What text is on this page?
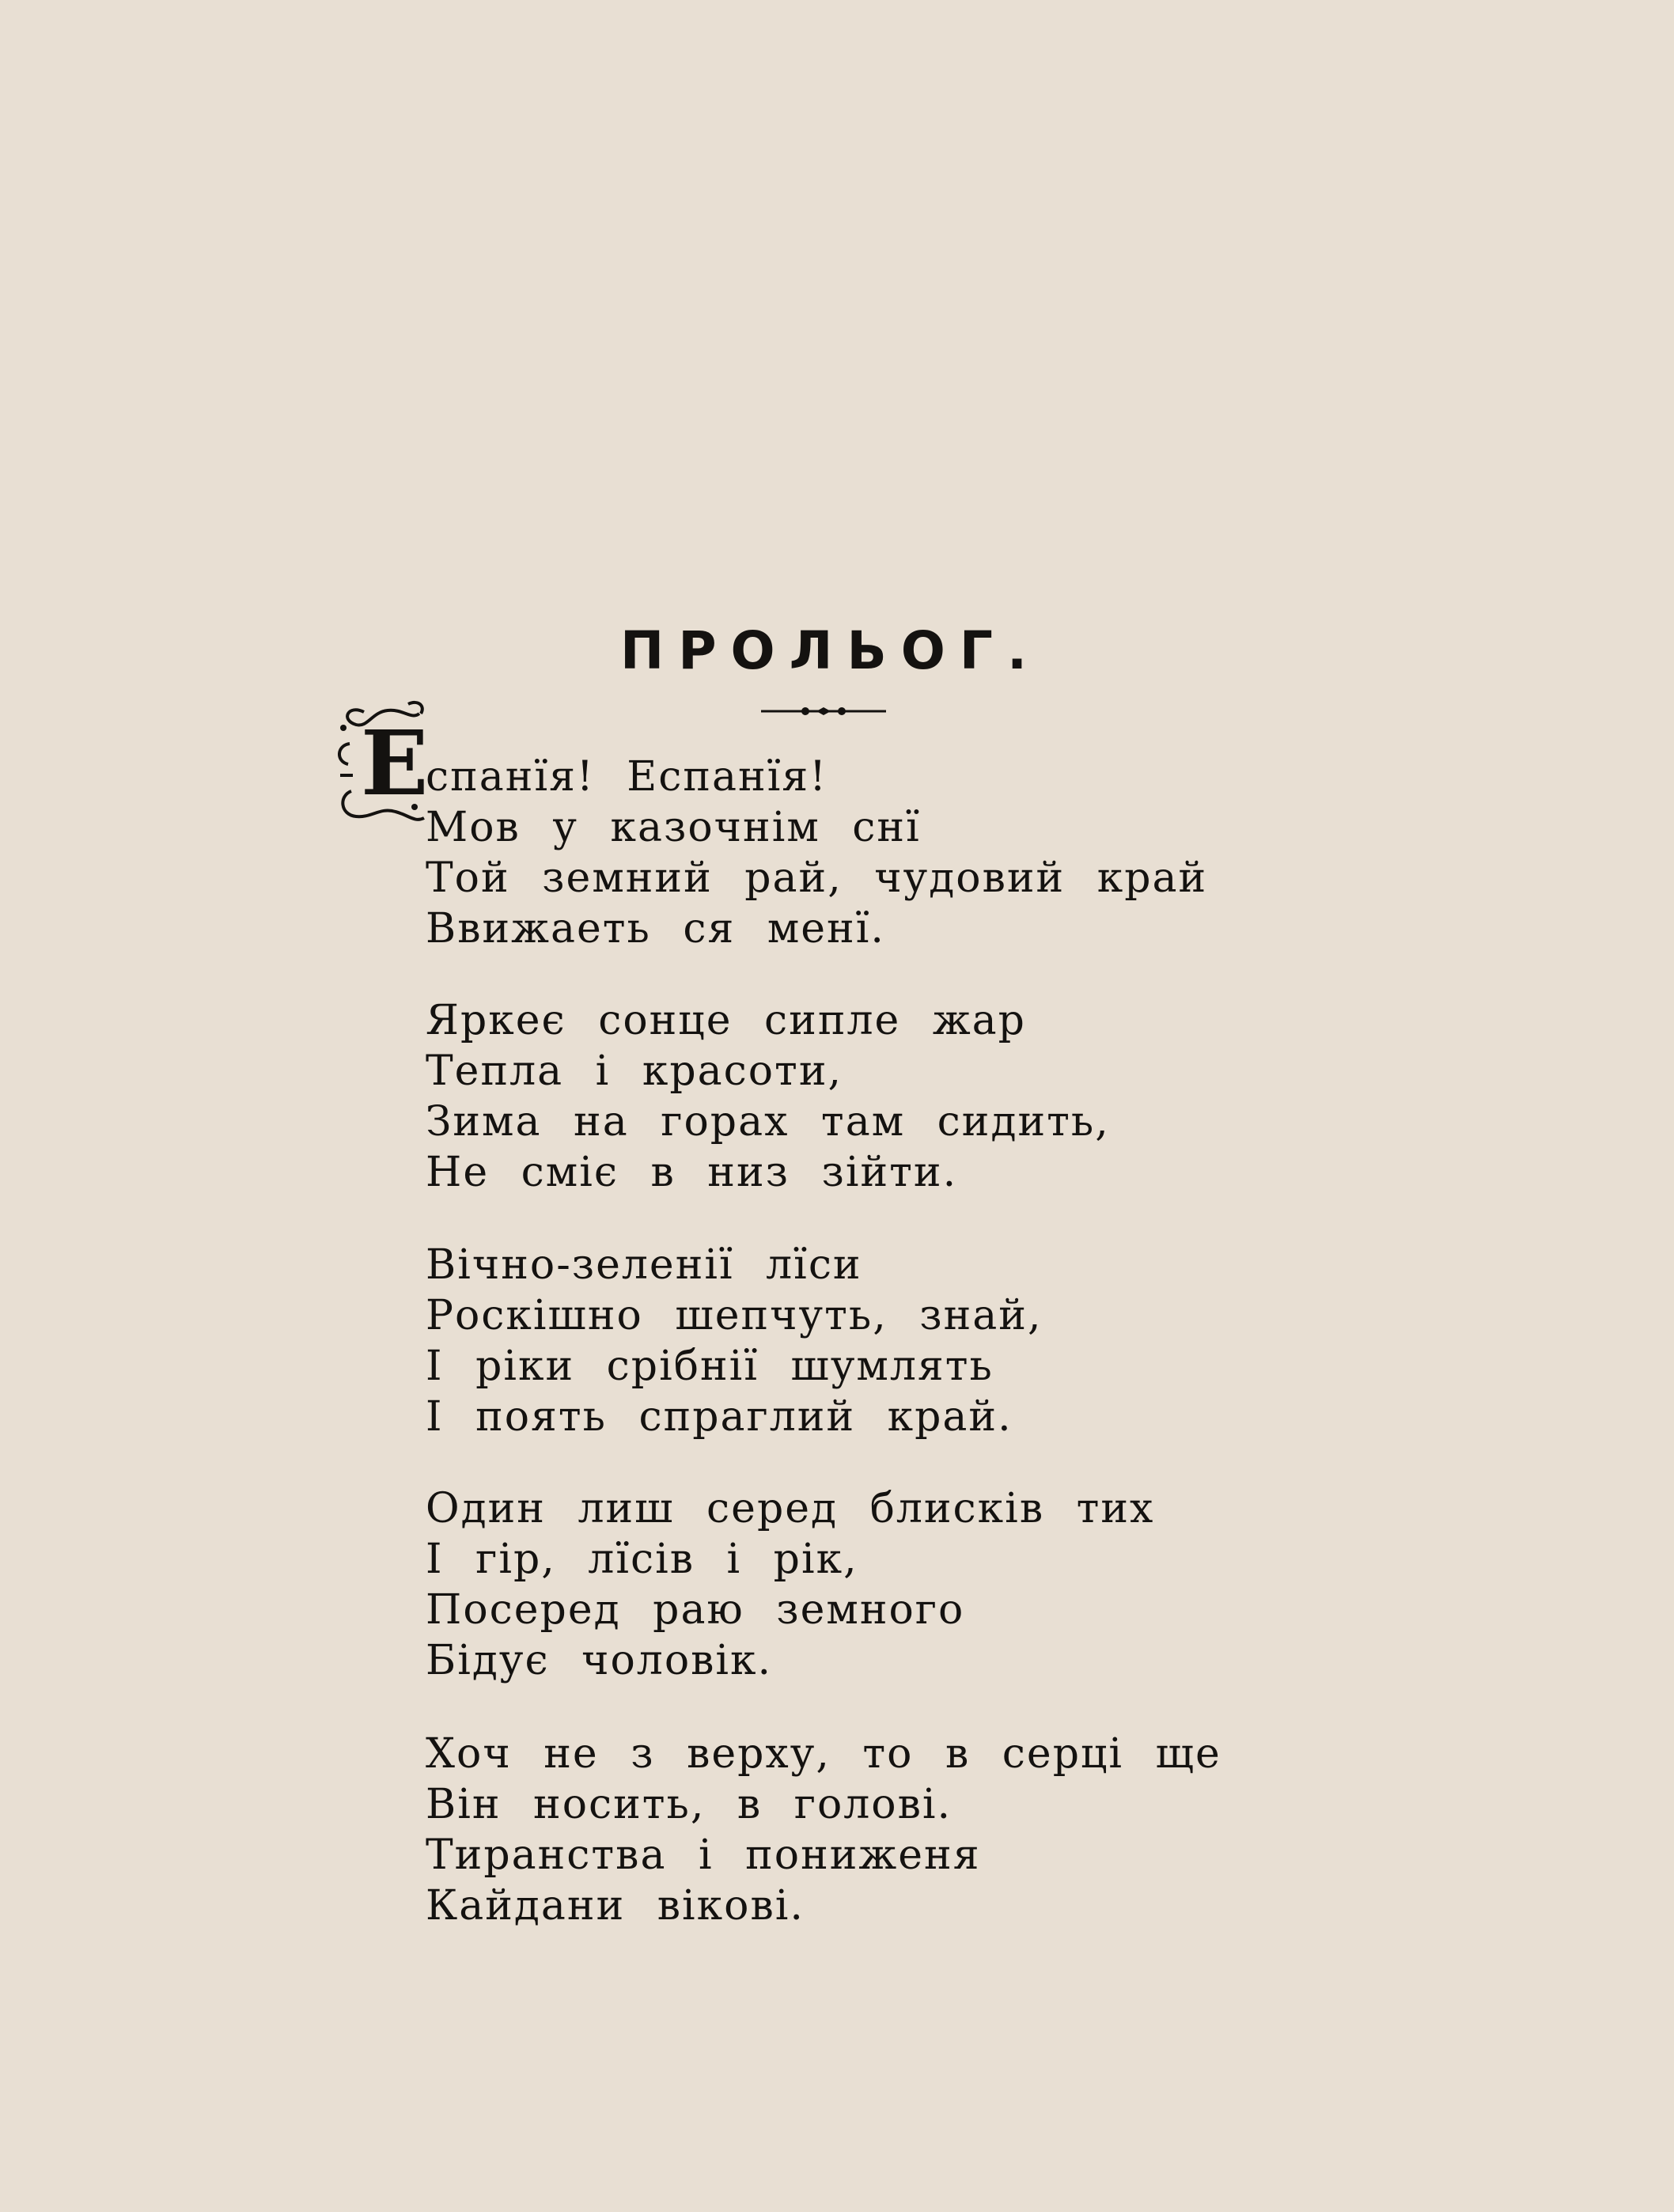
ПРОЛЬОГ.
Е
спанїя! Еспанїя!
Мов у казочнім снї
Той земний рай, чудовий край
Ввижаеть ся менї.
Яркеє сонце сипле жар
Тепла і красоти,
Зима на горах там сидить,
Не сміє в низ зійти.
Вічно-зеленії лїси
Роскішно шепчуть, знай,
І ріки срібнії шумлять
І поять спраглий край.
Один лиш серед блисків тих
І гір, лїсів і рік,
Посеред раю земного
Бідує чоловік.
Хоч не з верху, то в серці ще
Він носить, в голові.
Тиранства і пониженя
Кайдани вікові.
